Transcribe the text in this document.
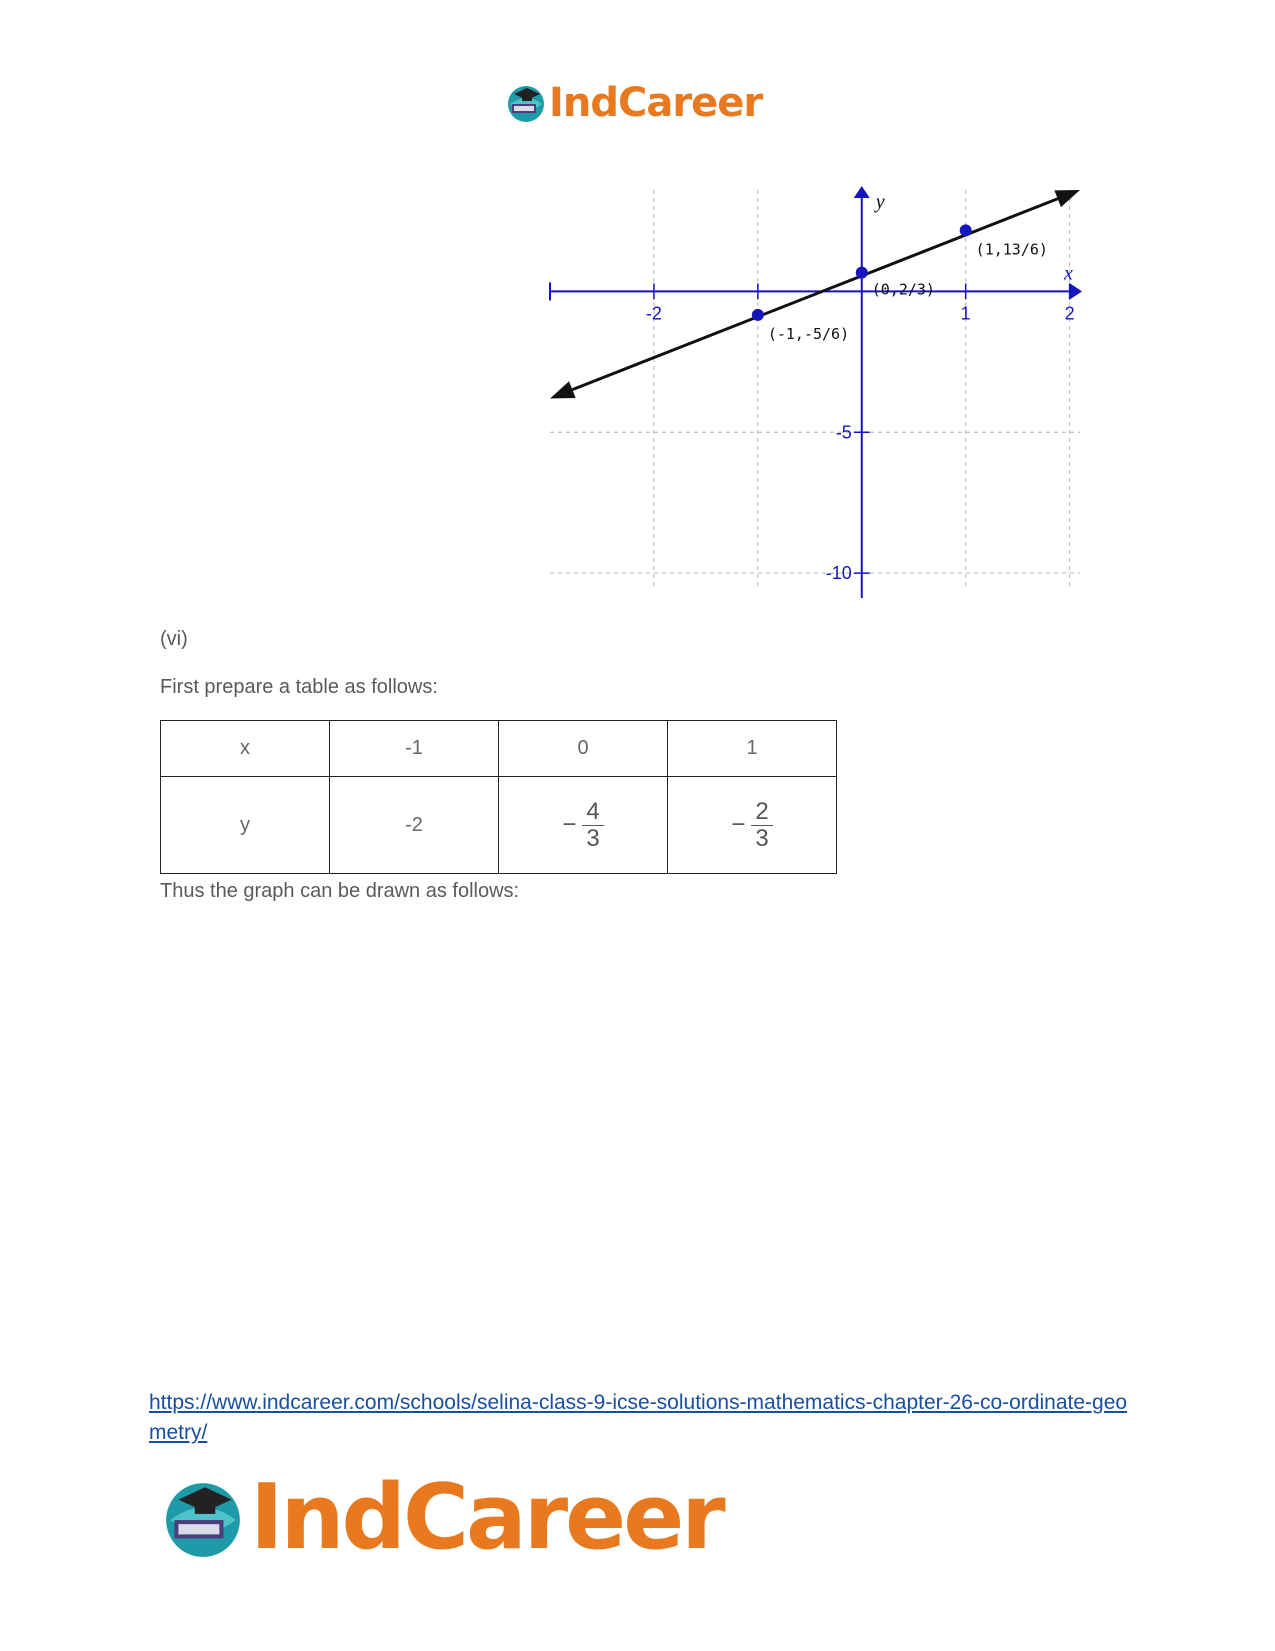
IndCareer
-2	1	2
-5
-10
x
y
(-1,-5/6)
(0,2/3)
(1,13/6)
(vi)
First prepare a table as follows:
x	-1	0	1
y	-2	− $\frac{4}{3}$	− $\frac{2}{3}$
Thus the graph can be drawn as follows:
https://www.indcareer.com/schools/selina-class-9-icse-solutions-mathematics-chapter-26-co-ordinate-geometry/
IndCareer
